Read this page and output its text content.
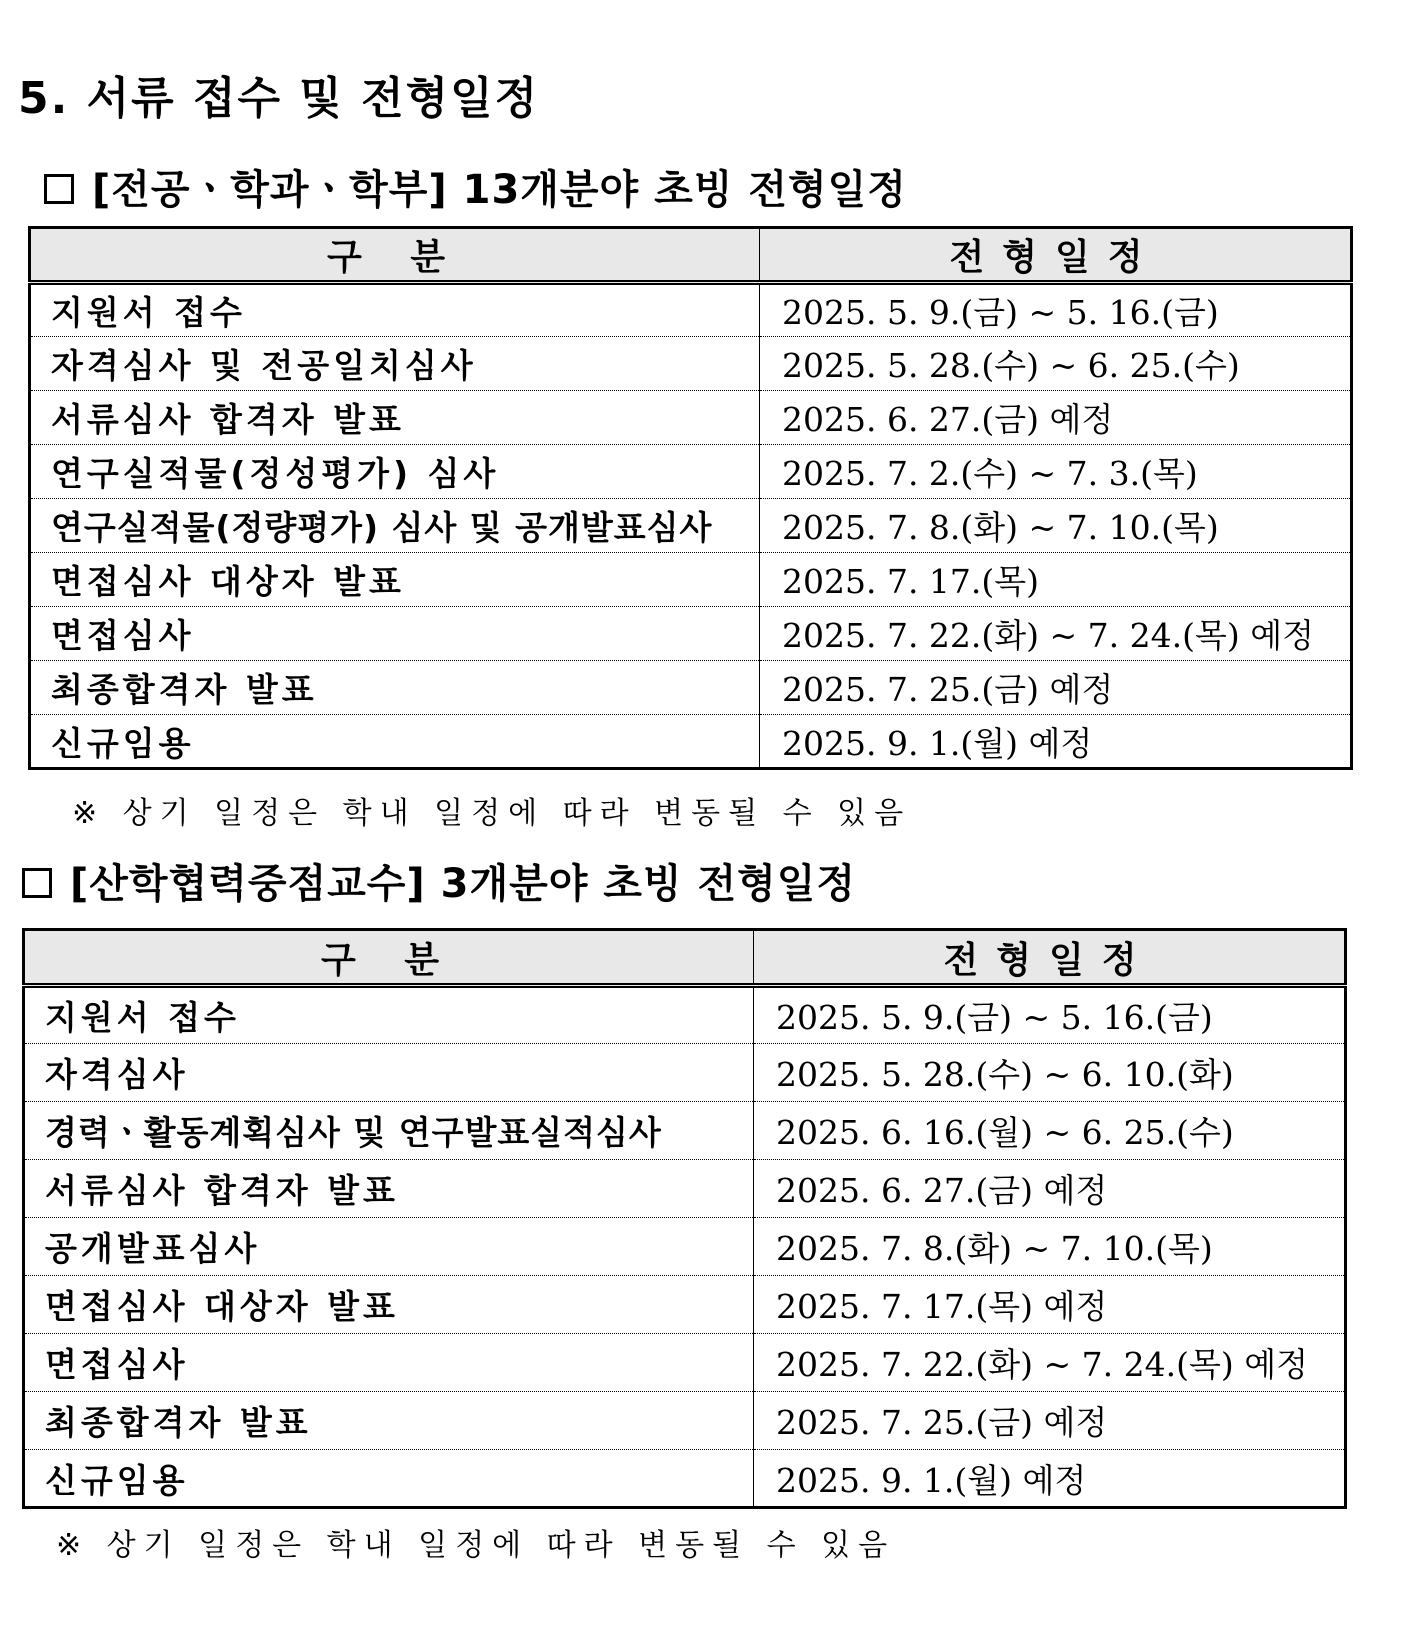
5. 서류 접수 및 전형일정
[전공ㆍ학과ㆍ학부] 13개분야 초빙 전형일정
구 분	전형일정
지원서 접수	2025. 5. 9.(금) ~ 5. 16.(금)
자격심사 및 전공일치심사	2025. 5. 28.(수) ~ 6. 25.(수)
서류심사 합격자 발표	2025. 6. 27.(금) 예정
연구실적물(정성평가) 심사	2025. 7. 2.(수) ~ 7. 3.(목)
연구실적물(정량평가) 심사 및 공개발표심사	2025. 7. 8.(화) ~ 7. 10.(목)
면접심사 대상자 발표	2025. 7. 17.(목)
면접심사	2025. 7. 22.(화) ~ 7. 24.(목) 예정
최종합격자 발표	2025. 7. 25.(금) 예정
신규임용	2025. 9. 1.(월) 예정

※ 상기 일정은 학내 일정에 따라 변동될 수 있음

[산학협력중점교수] 3개분야 초빙 전형일정
구 분	전형일정
지원서 접수	2025. 5. 9.(금) ~ 5. 16.(금)
자격심사	2025. 5. 28.(수) ~ 6. 10.(화)
경력ㆍ활동계획심사 및 연구발표실적심사	2025. 6. 16.(월) ~ 6. 25.(수)
서류심사 합격자 발표	2025. 6. 27.(금) 예정
공개발표심사	2025. 7. 8.(화) ~ 7. 10.(목)
면접심사 대상자 발표	2025. 7. 17.(목) 예정
면접심사	2025. 7. 22.(화) ~ 7. 24.(목) 예정
최종합격자 발표	2025. 7. 25.(금) 예정
신규임용	2025. 9. 1.(월) 예정

※ 상기 일정은 학내 일정에 따라 변동될 수 있음
